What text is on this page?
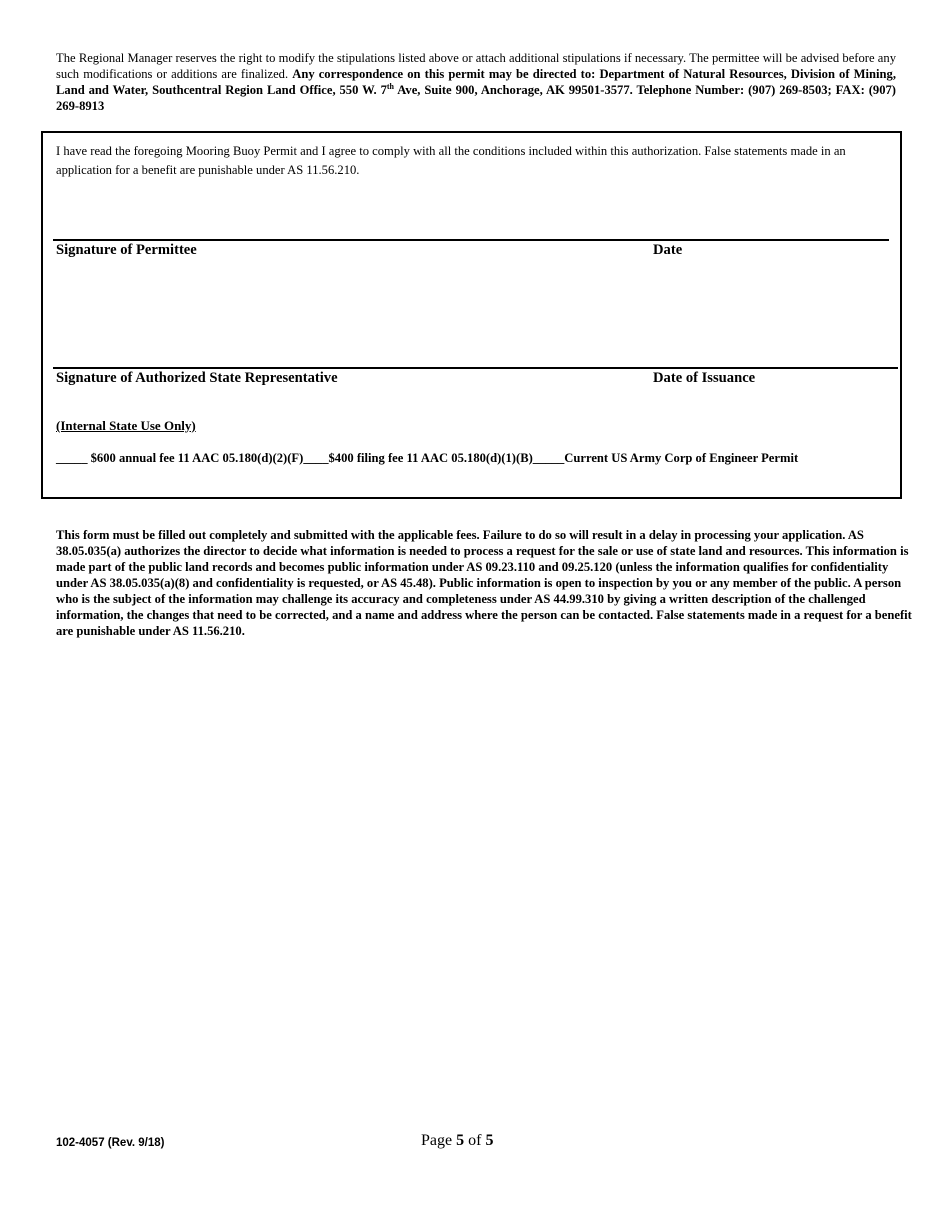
The Regional Manager reserves the right to modify the stipulations listed above or attach additional stipulations if necessary. The permittee will be advised before any such modifications or additions are finalized. Any correspondence on this permit may be directed to: Department of Natural Resources, Division of Mining, Land and Water, Southcentral Region Land Office, 550 W. 7th Ave, Suite 900, Anchorage, AK 99501-3577. Telephone Number: (907) 269-8503; FAX: (907) 269-8913
I have read the foregoing Mooring Buoy Permit and I agree to comply with all the conditions included within this authorization. False statements made in an application for a benefit are punishable under AS 11.56.210.
Signature of Permittee	Date
Signature of Authorized State Representative	Date of Issuance
(Internal State Use Only)
_____ $600 annual fee 11 AAC 05.180(d)(2)(F)____$400 filing fee 11 AAC 05.180(d)(1)(B)_____Current US Army Corp of Engineer Permit
This form must be filled out completely and submitted with the applicable fees. Failure to do so will result in a delay in processing your application. AS 38.05.035(a) authorizes the director to decide what information is needed to process a request for the sale or use of state land and resources. This information is made part of the public land records and becomes public information under AS 09.23.110 and 09.25.120 (unless the information qualifies for confidentiality under AS 38.05.035(a)(8) and confidentiality is requested, or AS 45.48). Public information is open to inspection by you or any member of the public. A person who is the subject of the information may challenge its accuracy and completeness under AS 44.99.310 by giving a written description of the challenged information, the changes that need to be corrected, and a name and address where the person can be contacted. False statements made in a request for a benefit are punishable under AS 11.56.210.
102-4057 (Rev. 9/18)	Page 5 of 5
